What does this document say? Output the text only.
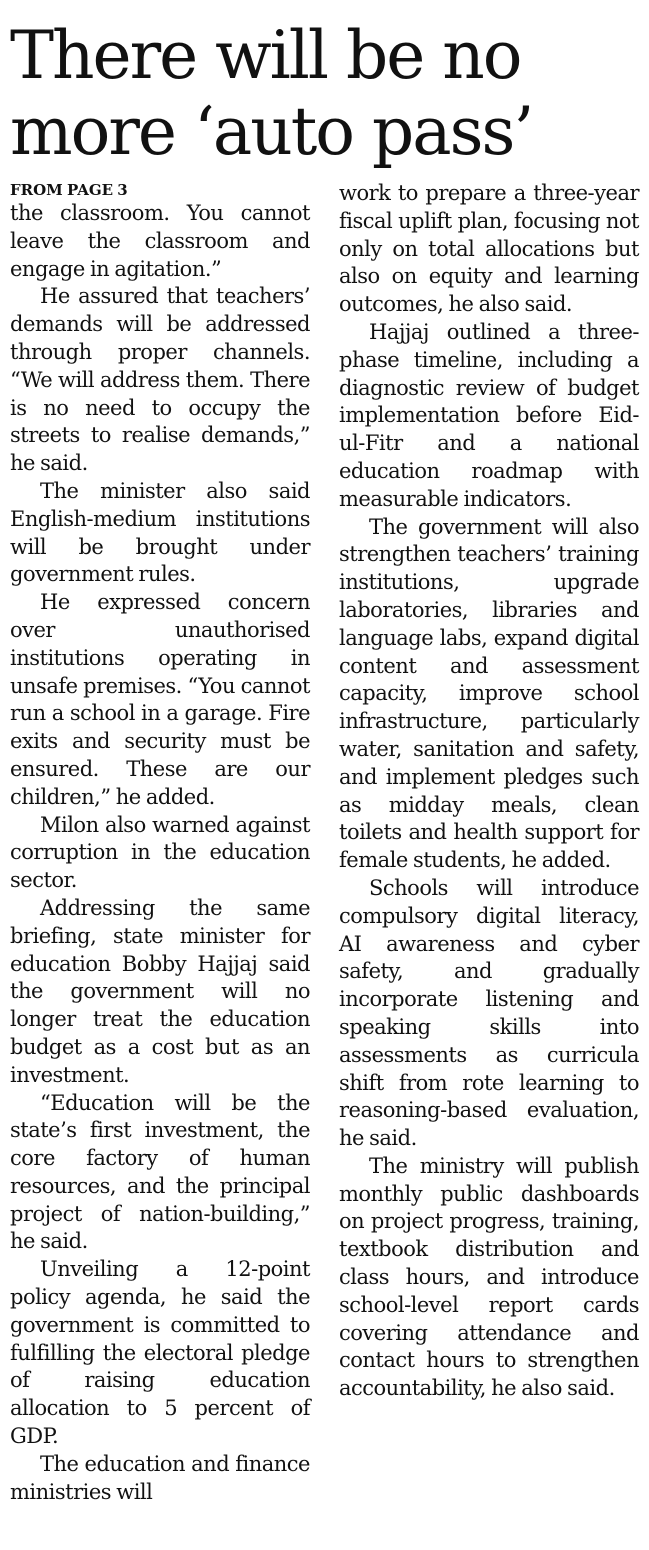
There will be no
more ‘auto pass’
FROM PAGE 3

the classroom. You cannot leave the classroom and engage in agitation.”

He assured that teachers’ demands will be addressed through proper channels. “We will address them. There is no need to occupy the streets to realise demands,” he said.

The minister also said English-medium institutions will be brought under government rules.

He expressed concern over unauthorised institutions operating in unsafe premises. “You cannot run a school in a garage. Fire exits and security must be ensured. These are our children,” he added.

Milon also warned against corruption in the education sector.

Addressing the same briefing, state minister for education Bobby Hajjaj said the government will no longer treat the education budget as a cost but as an investment.

“Education will be the state’s first investment, the core factory of human resources, and the principal project of nation-building,” he said.

Unveiling a 12-point policy agenda, he said the government is committed to fulfilling the electoral pledge of raising education allocation to 5 percent of GDP.

The education and finance ministries will

work to prepare a three-year fiscal uplift plan, focusing not only on total allocations but also on equity and learning outcomes, he also said.

Hajjaj outlined a three-phase timeline, including a diagnostic review of budget implementation before Eid-ul-Fitr and a national education roadmap with measurable indicators.

The government will also strengthen teachers’ training institutions, upgrade laboratories, libraries and language labs, expand digital content and assessment capacity, improve school infrastructure, particularly water, sanitation and safety, and implement pledges such as midday meals, clean toilets and health support for female students, he added.

Schools will introduce compulsory digital literacy, AI awareness and cyber safety, and gradually incorporate listening and speaking skills into assessments as curricula shift from rote learning to reasoning-based evaluation, he said.

The ministry will publish monthly public dashboards on project progress, training, textbook distribution and class hours, and introduce school-level report cards covering attendance and contact hours to strengthen accountability, he also said.
